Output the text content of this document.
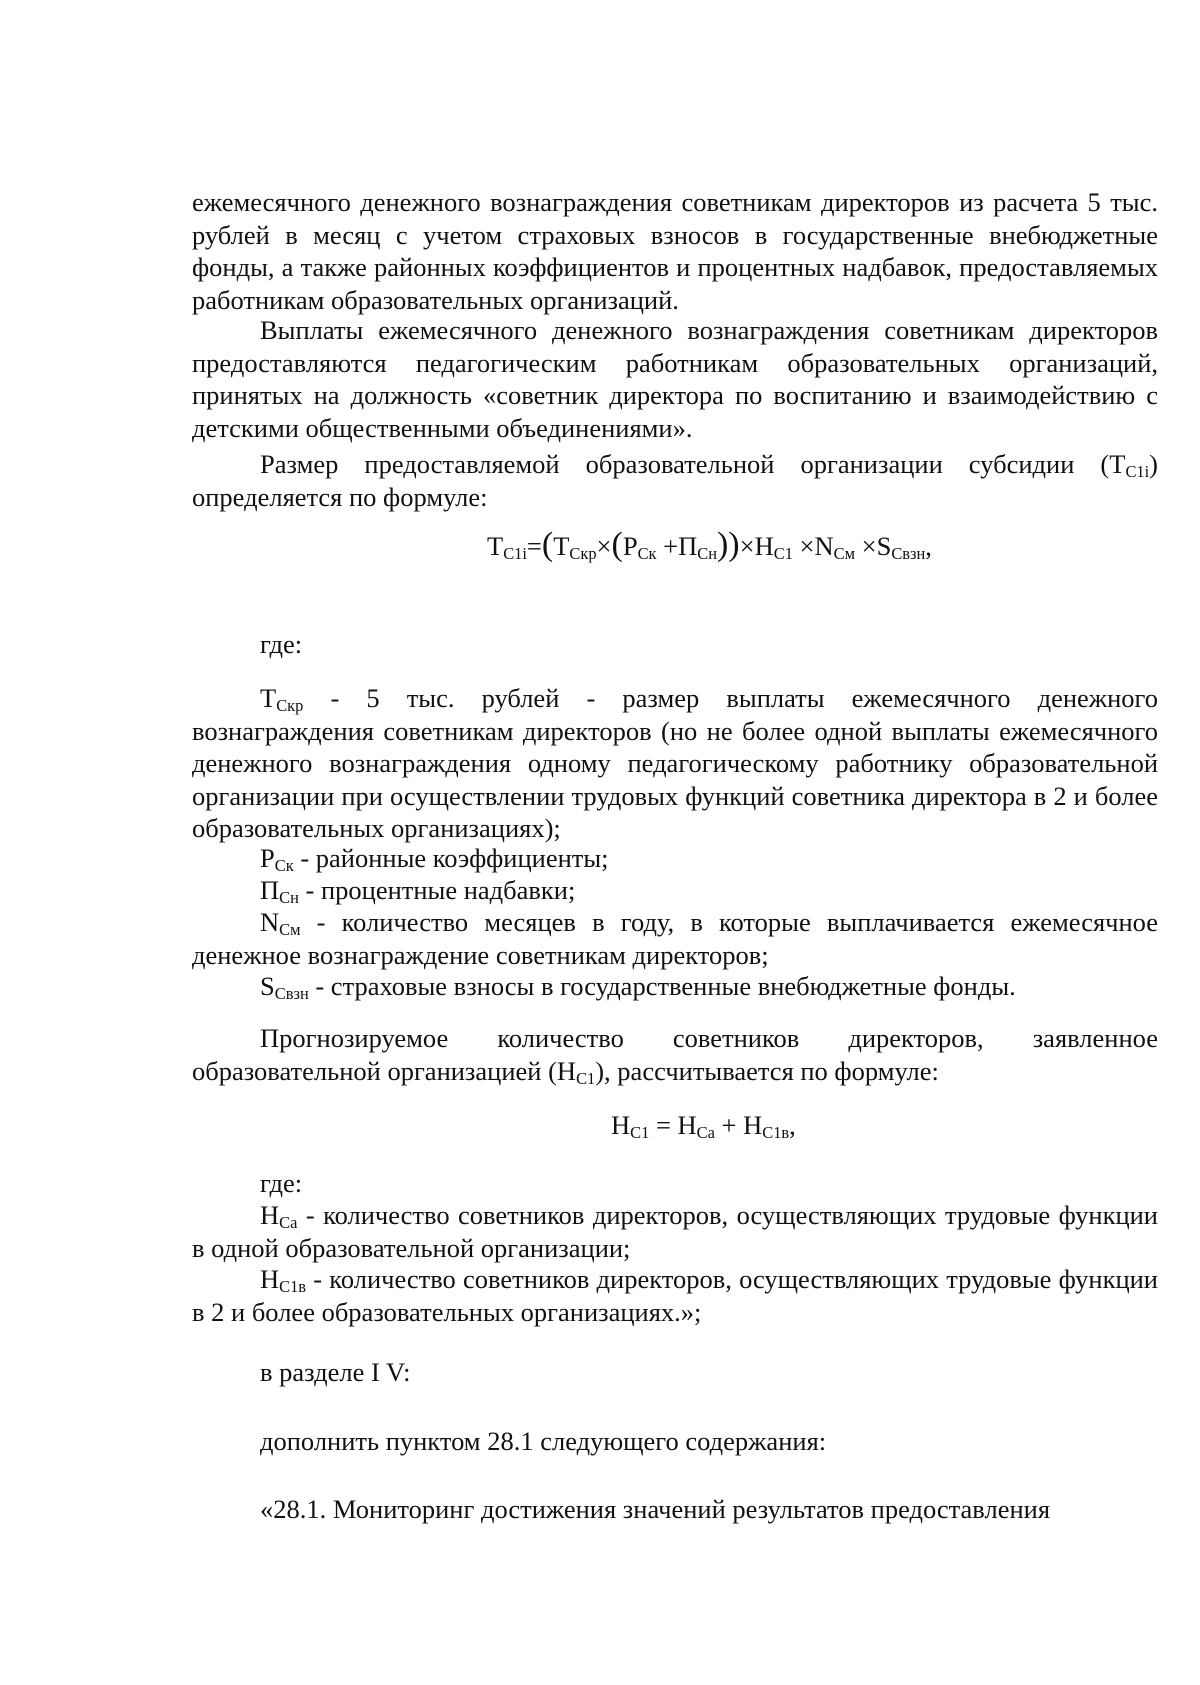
ежемесячного денежного вознаграждения советникам директоров из расчета 5 тыс. рублей в месяц с учетом страховых взносов в государственные внебюджетные фонды, а также районных коэффициентов и процентных надбавок, предоставляемых работникам образовательных организаций.

Выплаты ежемесячного денежного вознаграждения советникам директоров предоставляются педагогическим работникам образовательных организаций, принятых на должность «советник директора по воспитанию и взаимодействию с детскими общественными объединениями».

Размер предоставляемой образовательной организации субсидии $(Т_{С1i})$ определяется по формуле:

$Т_{С1i}=(Т_{Скр}\times(Р_{Ск} +П_{Сн}))\times Н_{С1} \times N_{См} \times S_{Свзн}$,

где:

$Т_{Скр} - 5$ тыс. рублей - размер выплаты ежемесячного денежного вознаграждения советникам директоров (но не более одной выплаты ежемесячного денежного вознаграждения одному педагогическому работнику образовательной организации при осуществлении трудовых функций советника директора в 2 и более образовательных организациях);

$Р_{Ск}$ - районные коэффициенты;

$П_{Сн}$ - процентные надбавки;

$N_{См}$ - количество месяцев в году, в которые выплачивается ежемесячное денежное вознаграждение советникам директоров;

$S_{Свзн}$ - страховые взносы в государственные внебюджетные фонды.

Прогнозируемое количество советников директоров, заявленное образовательной организацией $(Н_{С1})$, рассчитывается по формуле:

$Н_{С1} = Н_{Са} + Н_{С1в}$,

где:

$Н_{Са}$ - количество советников директоров, осуществляющих трудовые функции в одной образовательной организации;

$Н_{С1в}$ - количество советников директоров, осуществляющих трудовые функции в 2 и более образовательных организациях.»;

в разделе I V:

дополнить пунктом 28.1 следующего содержания:

«28.1. Мониторинг достижения значений результатов предоставления
